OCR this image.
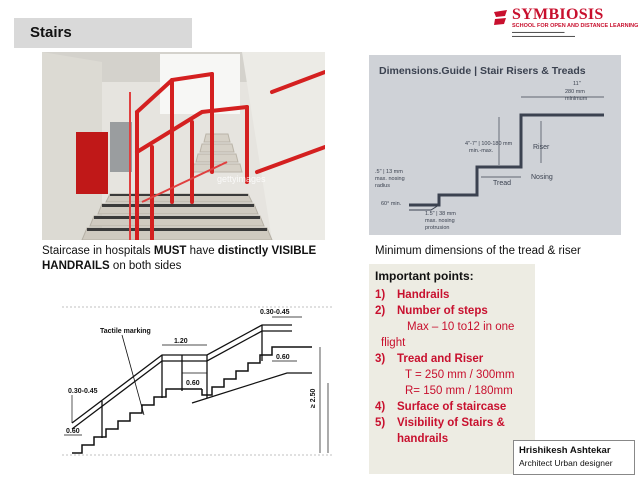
Stairs
SYMBIOSIS
SCHOOL FOR OPEN AND DISTANCE LEARNING
▬▬▬▬▬▬▬▬▬▬▬▬▬▬▬
▬▬▬▬▬▬▬▬▬▬▬▬▬▬▬▬▬▬
gettyimages
Dimensions.Guide | Stair Risers & Treads
11"
280 mm
minimum
4"-7" | 100-180 mm
min.-max.	Riser
Tread
Nosing
.5" | 13 mm
max. nosing
radius
60° min.
1.5" | 38 mm
max. nosing
protrusion
Staircase in hospitals MUST have distinctly VISIBLE HANDRAILS on both sides
Minimum dimensions of the tread & riser
Important points:
1) Handrails
2) Number of steps
Max – 10 to12 in one
flight
3) Tread and Riser
T = 250 mm / 300mm
R= 150 mm / 180mm
4) Surface of staircase
5) Visibility of Stairs &
handrails
Tactile marking
0.30-0.45
1.20
0.60
0.60
0.30-0.45
0.60
≥ 2.50
Hrishikesh Ashtekar
Architect Urban designer
